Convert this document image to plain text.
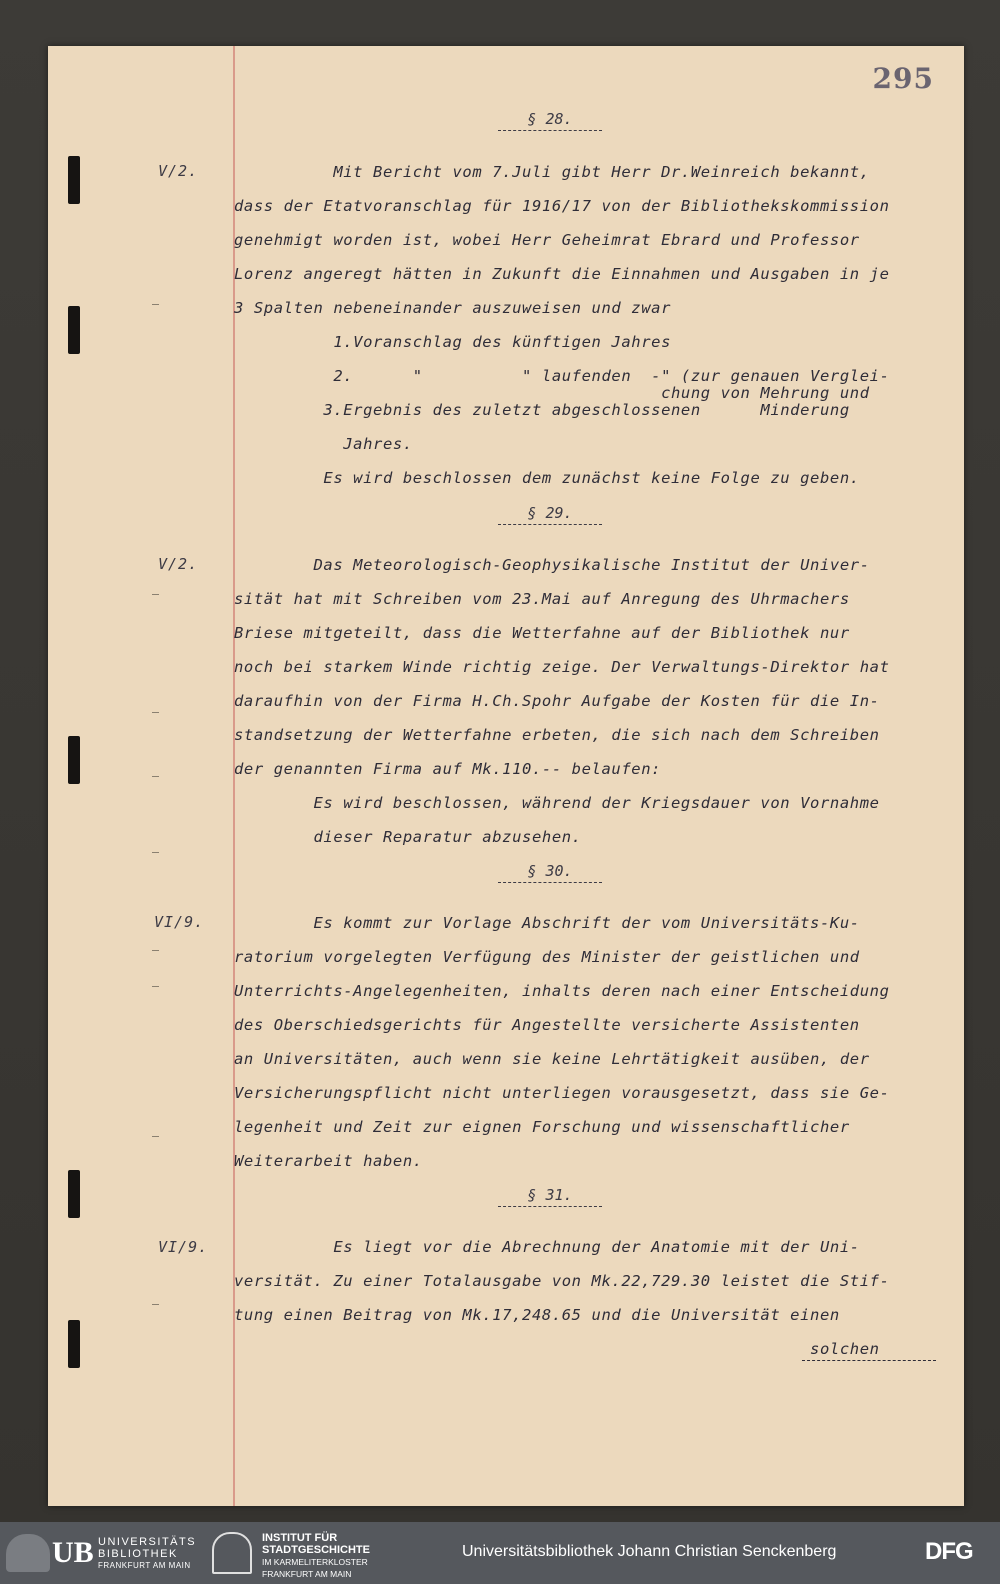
295
§ 28.
V/2. Mit Bericht vom 7.Juli gibt Herr Dr.Weinreich bekannt,
dass der Etatvoranschlag für 1916/17 von der Bibliothekskommission
genehmigt worden ist, wobei Herr Geheimrat Ebrard und Professor
Lorenz angeregt hätten in Zukunft die Einnahmen und Ausgaben in je
3 Spalten nebeneinander auszuweisen und zwar
1.Voranschlag des künftigen Jahres
2.      "          " laufenden  -" (zur genauen Verglei-
chung von Mehrung und
3.Ergebnis des zuletzt abgeschlossenen      Minderung
Jahres.
Es wird beschlossen dem zunächst keine Folge zu geben.
§ 29.
V/2. Das Meteorologisch-Geophysikalische Institut der Univer-
sität hat mit Schreiben vom 23.Mai auf Anregung des Uhrmachers
Briese mitgeteilt, dass die Wetterfahne auf der Bibliothek nur
noch bei starkem Winde richtig zeige. Der Verwaltungs-Direktor hat
daraufhin von der Firma H.Ch.Spohr Aufgabe der Kosten für die In-
standsetzung der Wetterfahne erbeten, die sich nach dem Schreiben
der genannten Firma auf Mk.110.-- belaufen:
Es wird beschlossen, während der Kriegsdauer von Vornahme
dieser Reparatur abzusehen.
§ 30.
VI/9. Es kommt zur Vorlage Abschrift der vom Universitäts-Ku-
ratorium vorgelegten Verfügung des Minister der geistlichen und
Unterrichts-Angelegenheiten, inhalts deren nach einer Entscheidung
des Oberschiedsgerichts für Angestellte versicherte Assistenten
an Universitäten, auch wenn sie keine Lehrtätigkeit ausüben, der
Versicherungspflicht nicht unterliegen vorausgesetzt, dass sie Ge-
legenheit und Zeit zur eignen Forschung und wissenschaftlicher
Weiterarbeit haben.
§ 31.
VI/9. Es liegt vor die Abrechnung der Anatomie mit der Uni-
versität. Zu einer Totalausgabe von Mk.22,729.30 leistet die Stif-
tung einen Beitrag von Mk.17,248.65 und die Universität einen
solchen
UB UNIVERSITÄTS
BIBLIOTHEK
FRANKFURT AM MAIN
INSTITUT FÜR
STADTGESCHICHTE
IM KARMELITERKLOSTER
FRANKFURT AM MAIN
Universitätsbibliothek Johann Christian Senckenberg	DFG
